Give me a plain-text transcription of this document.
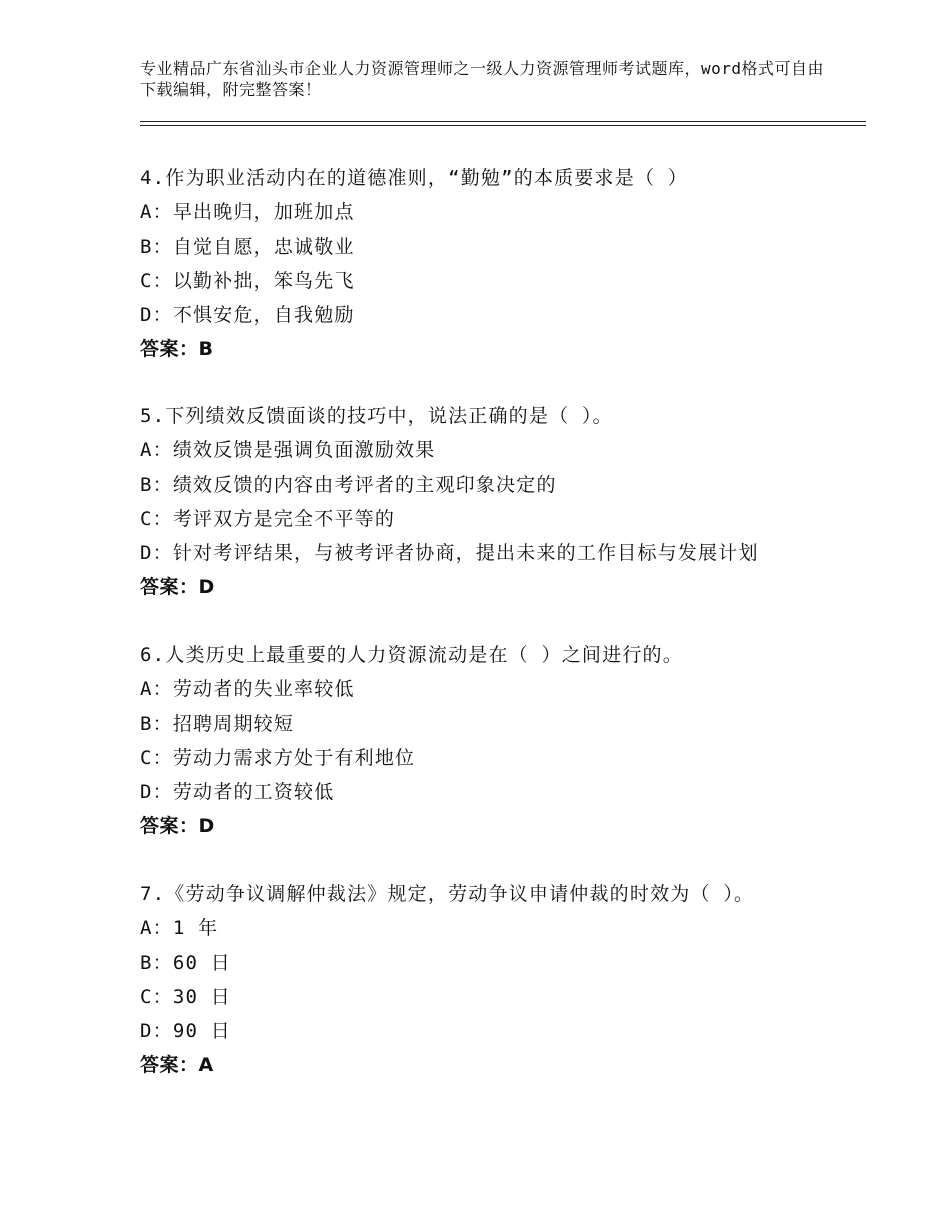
专业精品广东省汕头市企业人力资源管理师之一级人力资源管理师考试题库，word格式可自由下载编辑，附完整答案！
4.作为职业活动内在的道德准则，“勤勉”的本质要求是（ ）
A：早出晚归，加班加点
B：自觉自愿，忠诚敬业
C：以勤补拙，笨鸟先飞
D：不惧安危，自我勉励
答案：B
5.下列绩效反馈面谈的技巧中，说法正确的是（ ）。
A：绩效反馈是强调负面激励效果
B：绩效反馈的内容由考评者的主观印象决定的
C：考评双方是完全不平等的
D：针对考评结果，与被考评者协商，提出未来的工作目标与发展计划
答案：D
6.人类历史上最重要的人力资源流动是在（ ）之间进行的。
A：劳动者的失业率较低
B：招聘周期较短
C：劳动力需求方处于有利地位
D：劳动者的工资较低
答案：D
7.《劳动争议调解仲裁法》规定，劳动争议申请仲裁的时效为（ ）。
A：1 年
B：60 日
C：30 日
D：90 日
答案：A
